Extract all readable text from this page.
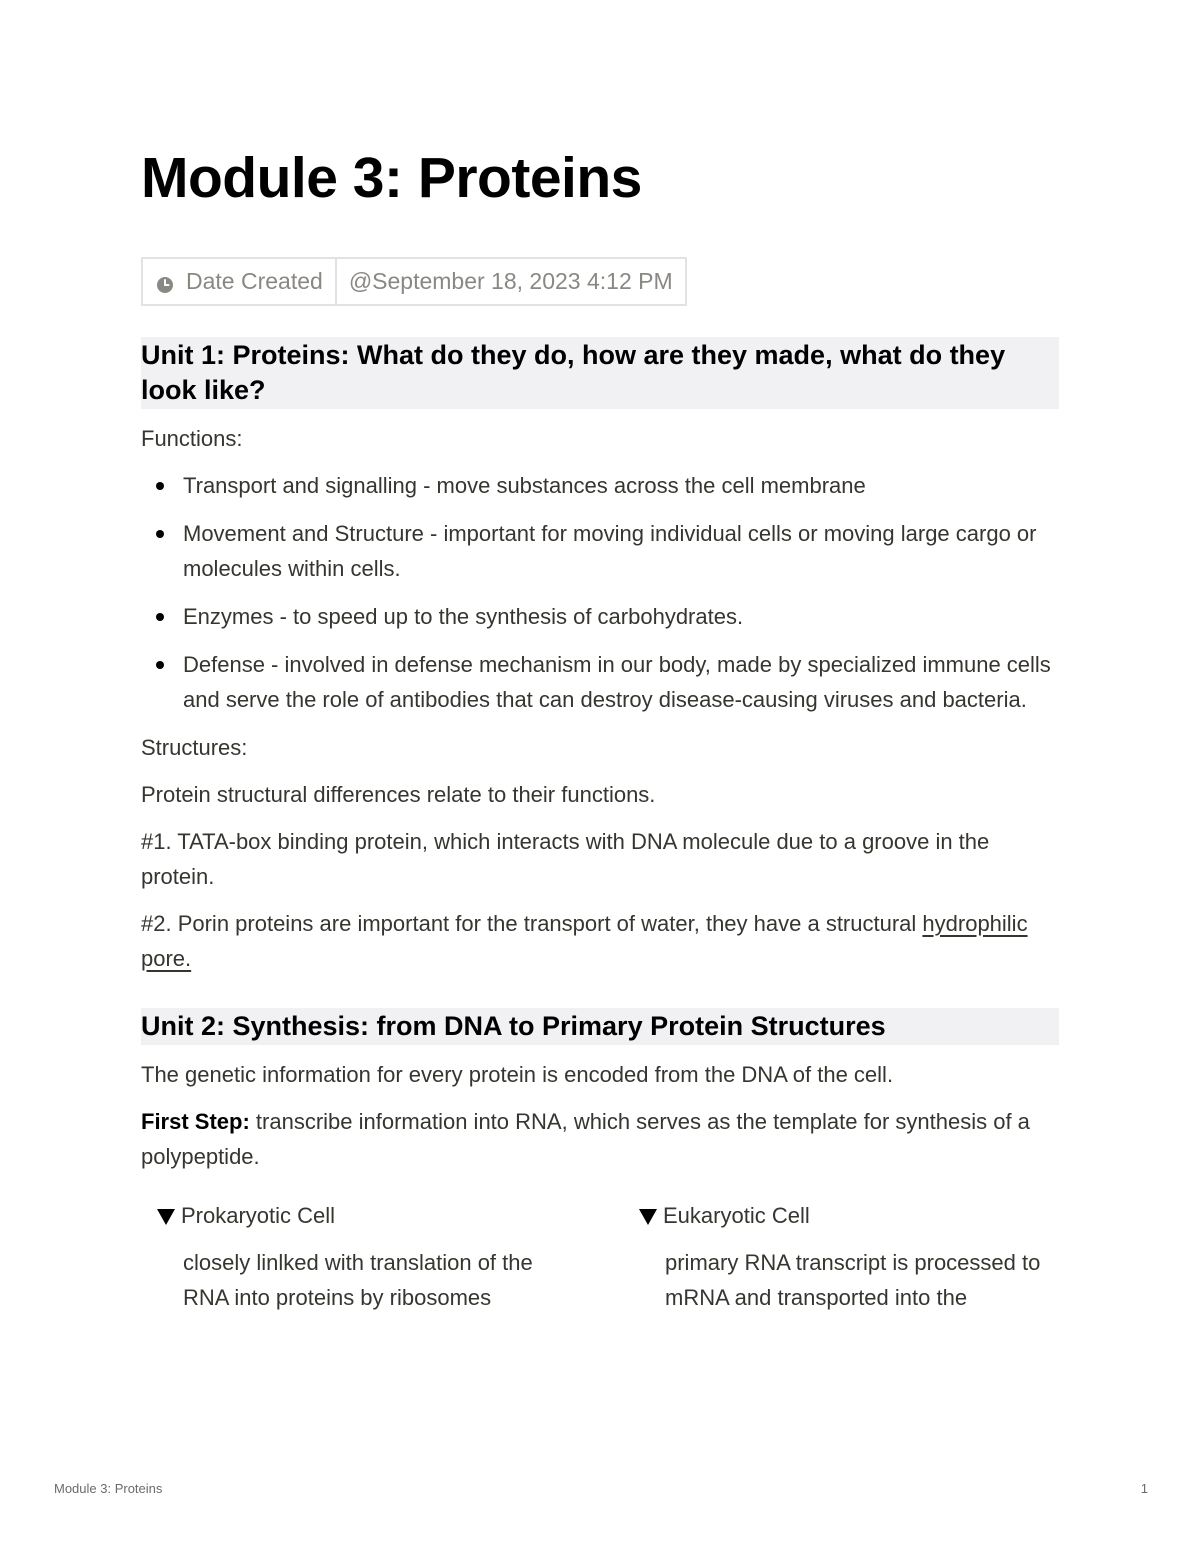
Module 3: Proteins
Date Created	@September 18, 2023 4:12 PM
Unit 1: Proteins: What do they do, how are they made, what do they look like?

Functions:

Transport and signalling - move substances across the cell membrane
Movement and Structure - important for moving individual cells or moving large cargo or molecules within cells.
Enzymes - to speed up to the synthesis of carbohydrates.
Defense - involved in defense mechanism in our body, made by specialized immune cells and serve the role of antibodies that can destroy disease-causing viruses and bacteria.

Structures:

Protein structural differences relate to their functions.

#1. TATA-box binding protein, which interacts with DNA molecule due to a groove in the protein.

#2. Porin proteins are important for the transport of water, they have a structural hydrophilic pore.

Unit 2: Synthesis: from DNA to Primary Protein Structures

The genetic information for every protein is encoded from the DNA of the cell.

First Step: transcribe information into RNA, which serves as the template for synthesis of a polypeptide.

Prokaryotic Cell
closely linlked with translation of the RNA into proteins by ribosomes
Eukaryotic Cell
primary RNA transcript is processed to mRNA and transported into the
Module 3: Proteins	1
